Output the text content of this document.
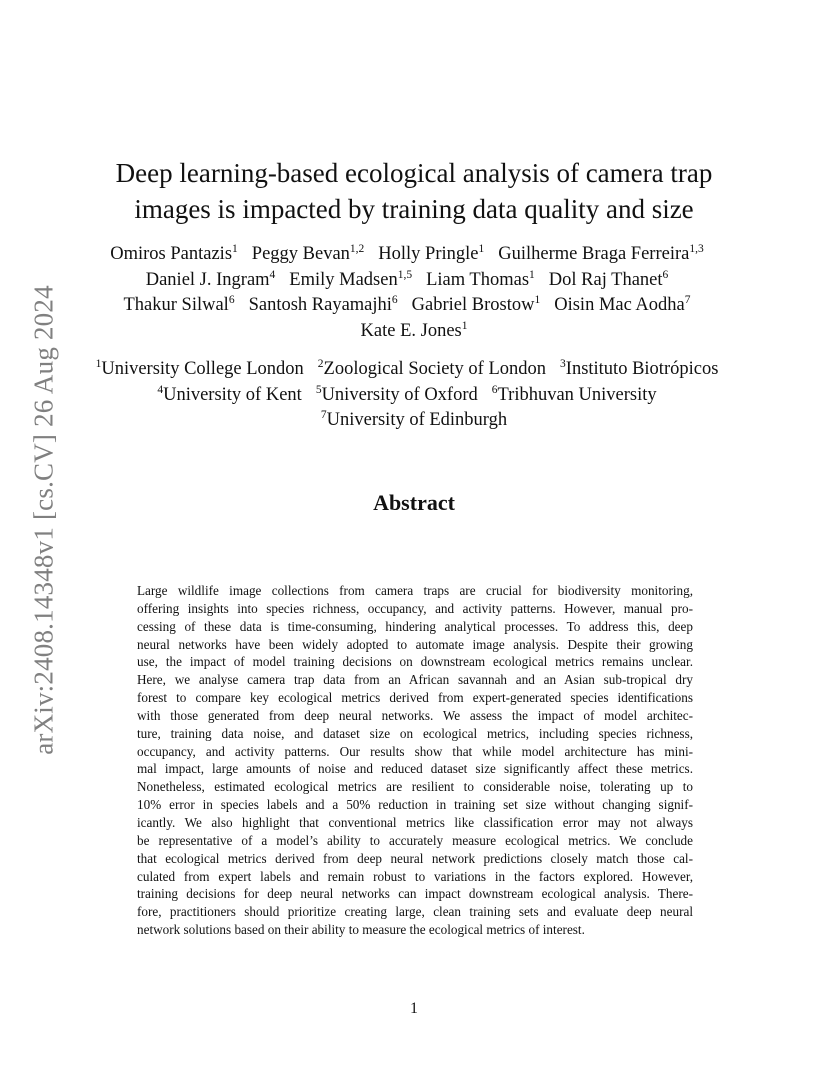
arXiv:2408.14348v1 [cs.CV] 26 Aug 2024
Deep learning-based ecological analysis of camera trap
images is impacted by training data quality and size
Omiros Pantazis$^1$ Peggy Bevan$^{1,2}$ Holly Pringle$^1$ Guilherme Braga Ferreira$^{1,3}$Daniel J. Ingram$^4$ Emily Madsen$^{1,5}$ Liam Thomas$^1$ Dol Raj Thanet$^6$Thakur Silwal$^6$ Santosh Rayamajhi$^6$ Gabriel Brostow$^1$ Oisin Mac Aodha$^7$Kate E. Jones$^1$
$^1$University College London $^2$Zoological Society of London $^3$Instituto Biotrópicos$^4$University of Kent $^5$University of Oxford $^6$Tribhuvan University$^7$University of Edinburgh
Abstract
Large wildlife image collections from camera traps are crucial for biodiversity monitoring,
offering insights into species richness, occupancy, and activity patterns. However, manual pro-
cessing of these data is time-consuming, hindering analytical processes. To address this, deep
neural networks have been widely adopted to automate image analysis. Despite their growing
use, the impact of model training decisions on downstream ecological metrics remains unclear.
Here, we analyse camera trap data from an African savannah and an Asian sub-tropical dry
forest to compare key ecological metrics derived from expert-generated species identifications
with those generated from deep neural networks. We assess the impact of model architec-
ture, training data noise, and dataset size on ecological metrics, including species richness,
occupancy, and activity patterns. Our results show that while model architecture has mini-
mal impact, large amounts of noise and reduced dataset size significantly affect these metrics.
Nonetheless, estimated ecological metrics are resilient to considerable noise, tolerating up to
10% error in species labels and a 50% reduction in training set size without changing signif-
icantly. We also highlight that conventional metrics like classification error may not always
be representative of a model’s ability to accurately measure ecological metrics. We conclude
that ecological metrics derived from deep neural network predictions closely match those cal-
culated from expert labels and remain robust to variations in the factors explored. However,
training decisions for deep neural networks can impact downstream ecological analysis. There-
fore, practitioners should prioritize creating large, clean training sets and evaluate deep neural
network solutions based on their ability to measure the ecological metrics of interest.
1
